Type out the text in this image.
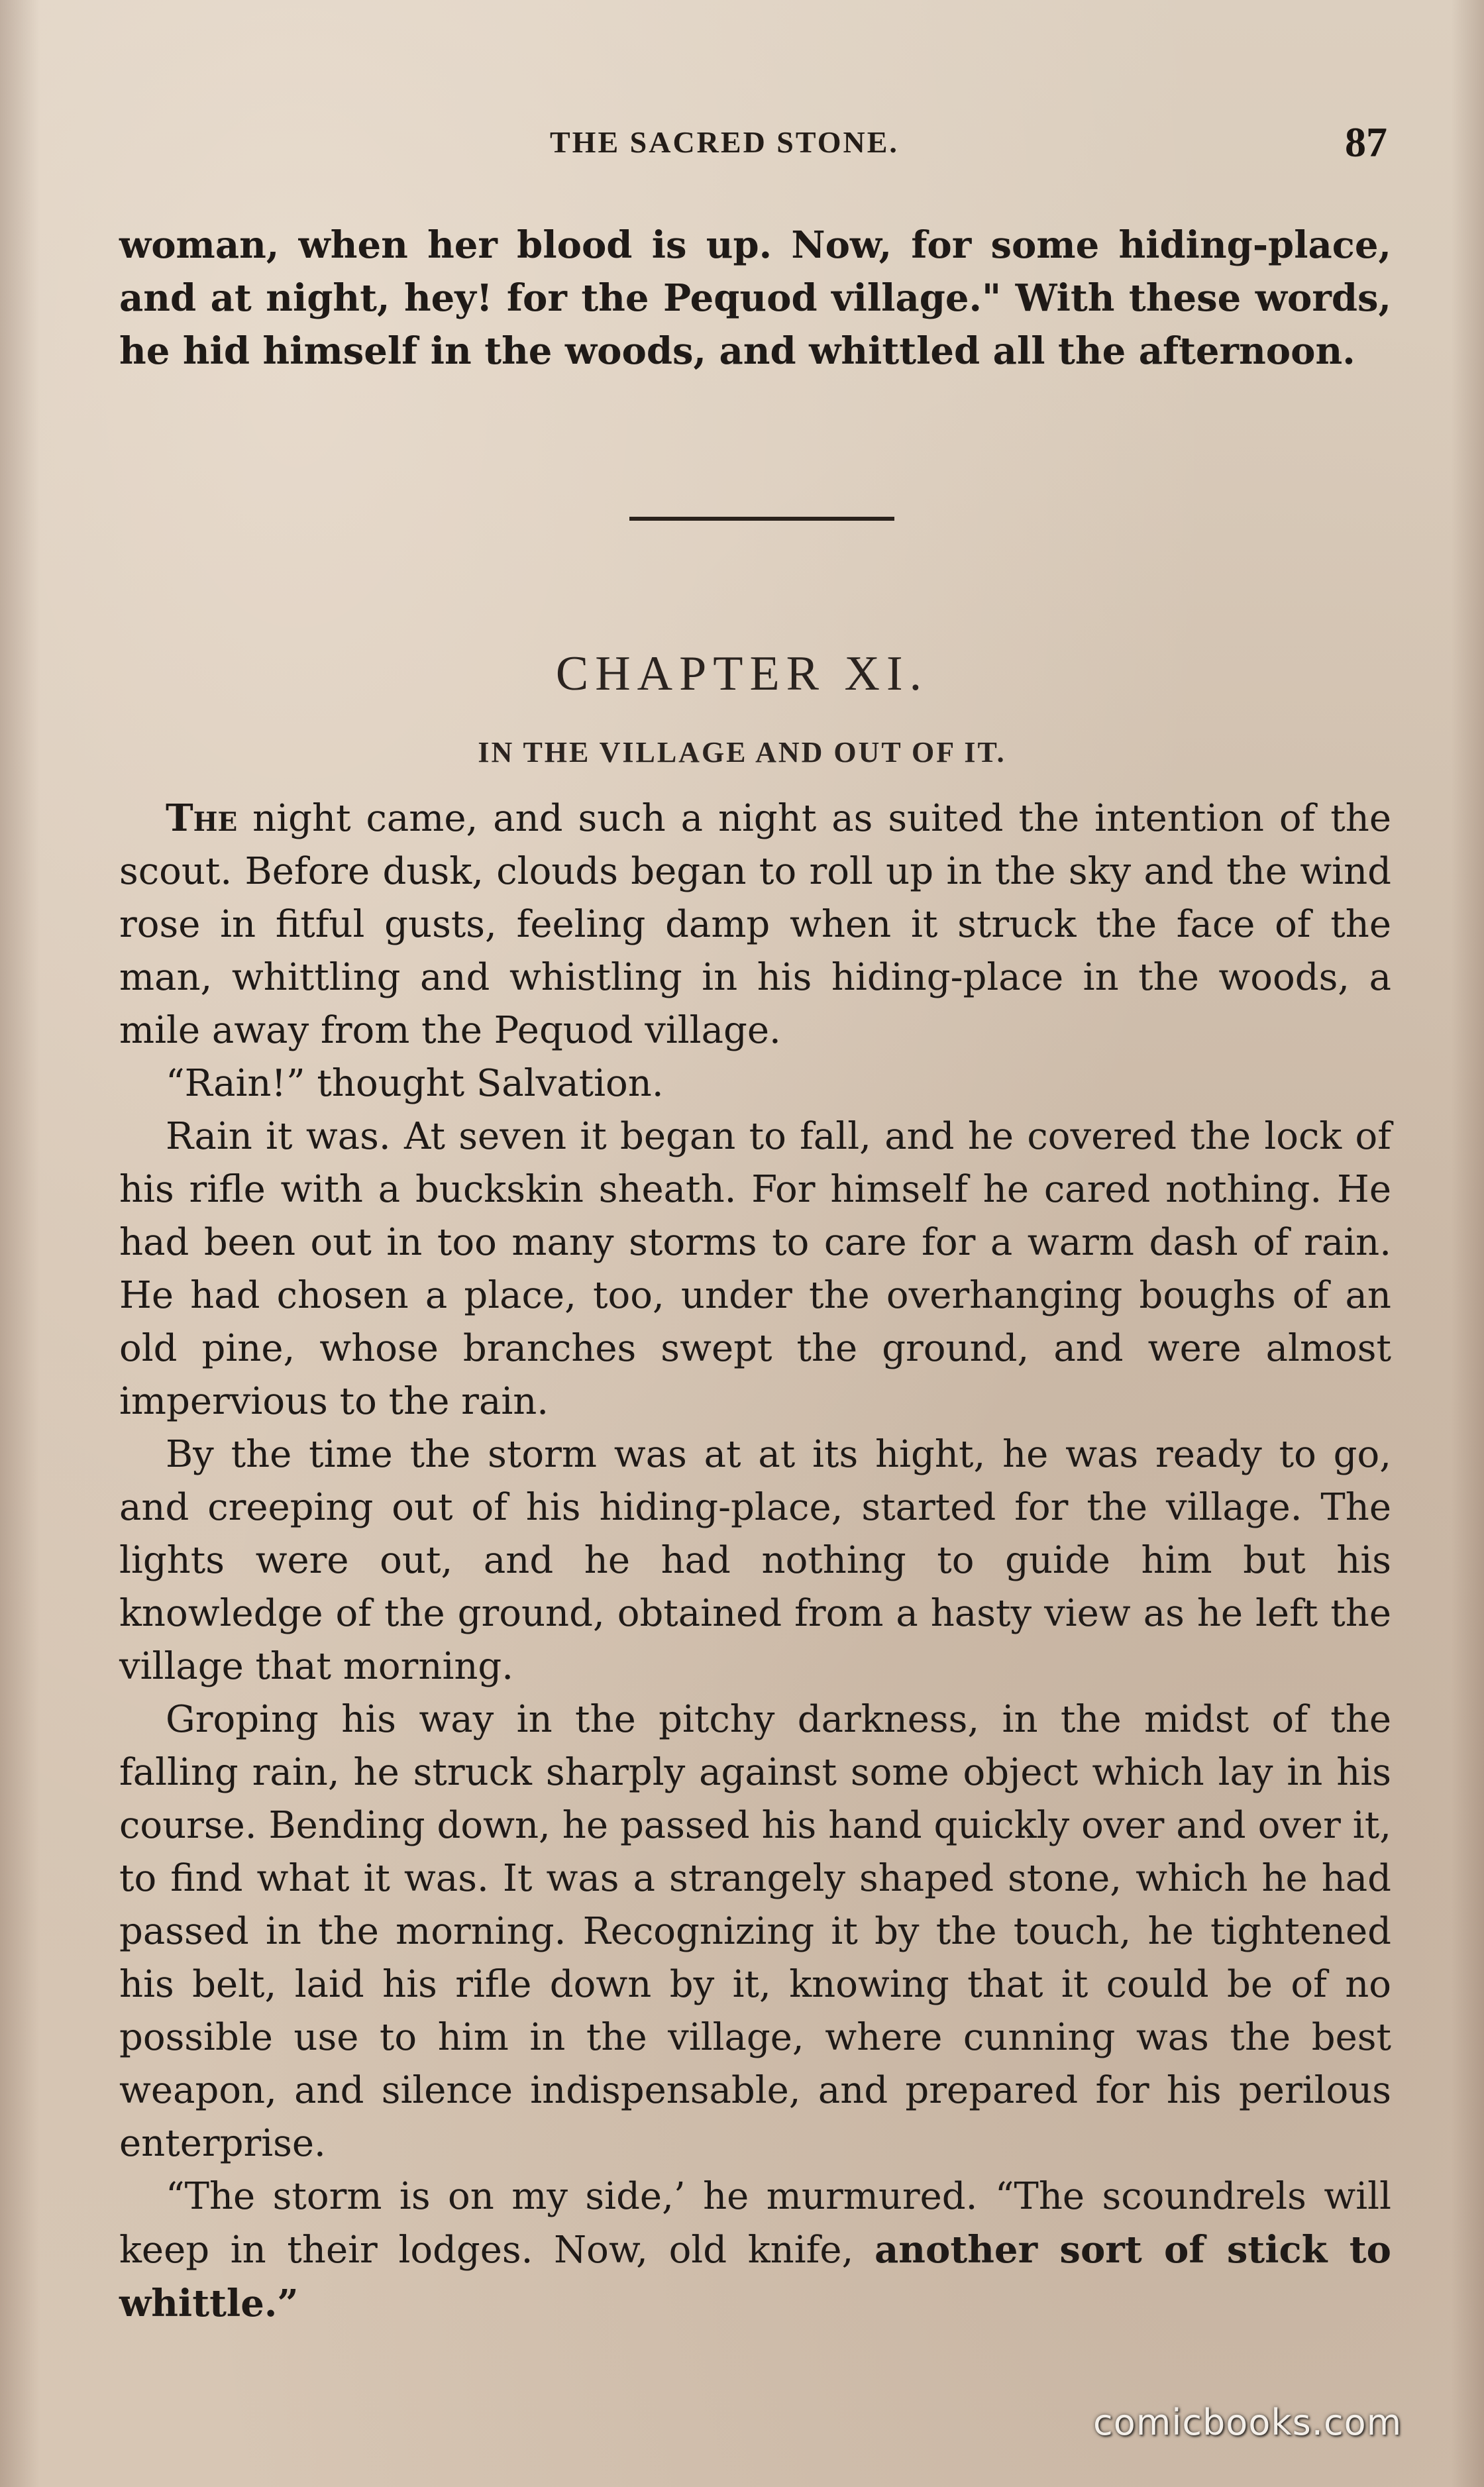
THE SACRED STONE.	87

woman, when her blood is up. Now, for some hiding-place, and at night, hey! for the Pequod village." With these words, he hid himself in the woods, and whittled all the afternoon.

CHAPTER XI.
IN THE VILLAGE AND OUT OF IT.

The night came, and such a night as suited the intention of the scout. Before dusk, clouds began to roll up in the sky and the wind rose in fitful gusts, feeling damp when it struck the face of the man, whittling and whistling in his hiding-place in the woods, a mile away from the Pequod village.

“Rain!” thought Salvation.

Rain it was. At seven it began to fall, and he covered the lock of his rifle with a buckskin sheath. For himself he cared nothing. He had been out in too many storms to care for a warm dash of rain. He had chosen a place, too, under the overhanging boughs of an old pine, whose branches swept the ground, and were almost impervious to the rain.

By the time the storm was at at its hight, he was ready to go, and creeping out of his hiding-place, started for the village. The lights were out, and he had nothing to guide him but his knowledge of the ground, obtained from a hasty view as he left the village that morning.

Groping his way in the pitchy darkness, in the midst of the falling rain, he struck sharply against some object which lay in his course. Bending down, he passed his hand quickly over and over it, to find what it was. It was a strangely shaped stone, which he had passed in the morning. Recognizing it by the touch, he tightened his belt, laid his rifle down by it, knowing that it could be of no possible use to him in the village, where cunning was the best weapon, and silence indispensable, and prepared for his perilous enterprise.

“The storm is on my side,’ he murmured. “The scoundrels will keep in their lodges. Now, old knife, another sort of stick to whittle.”

comicbooks.com
